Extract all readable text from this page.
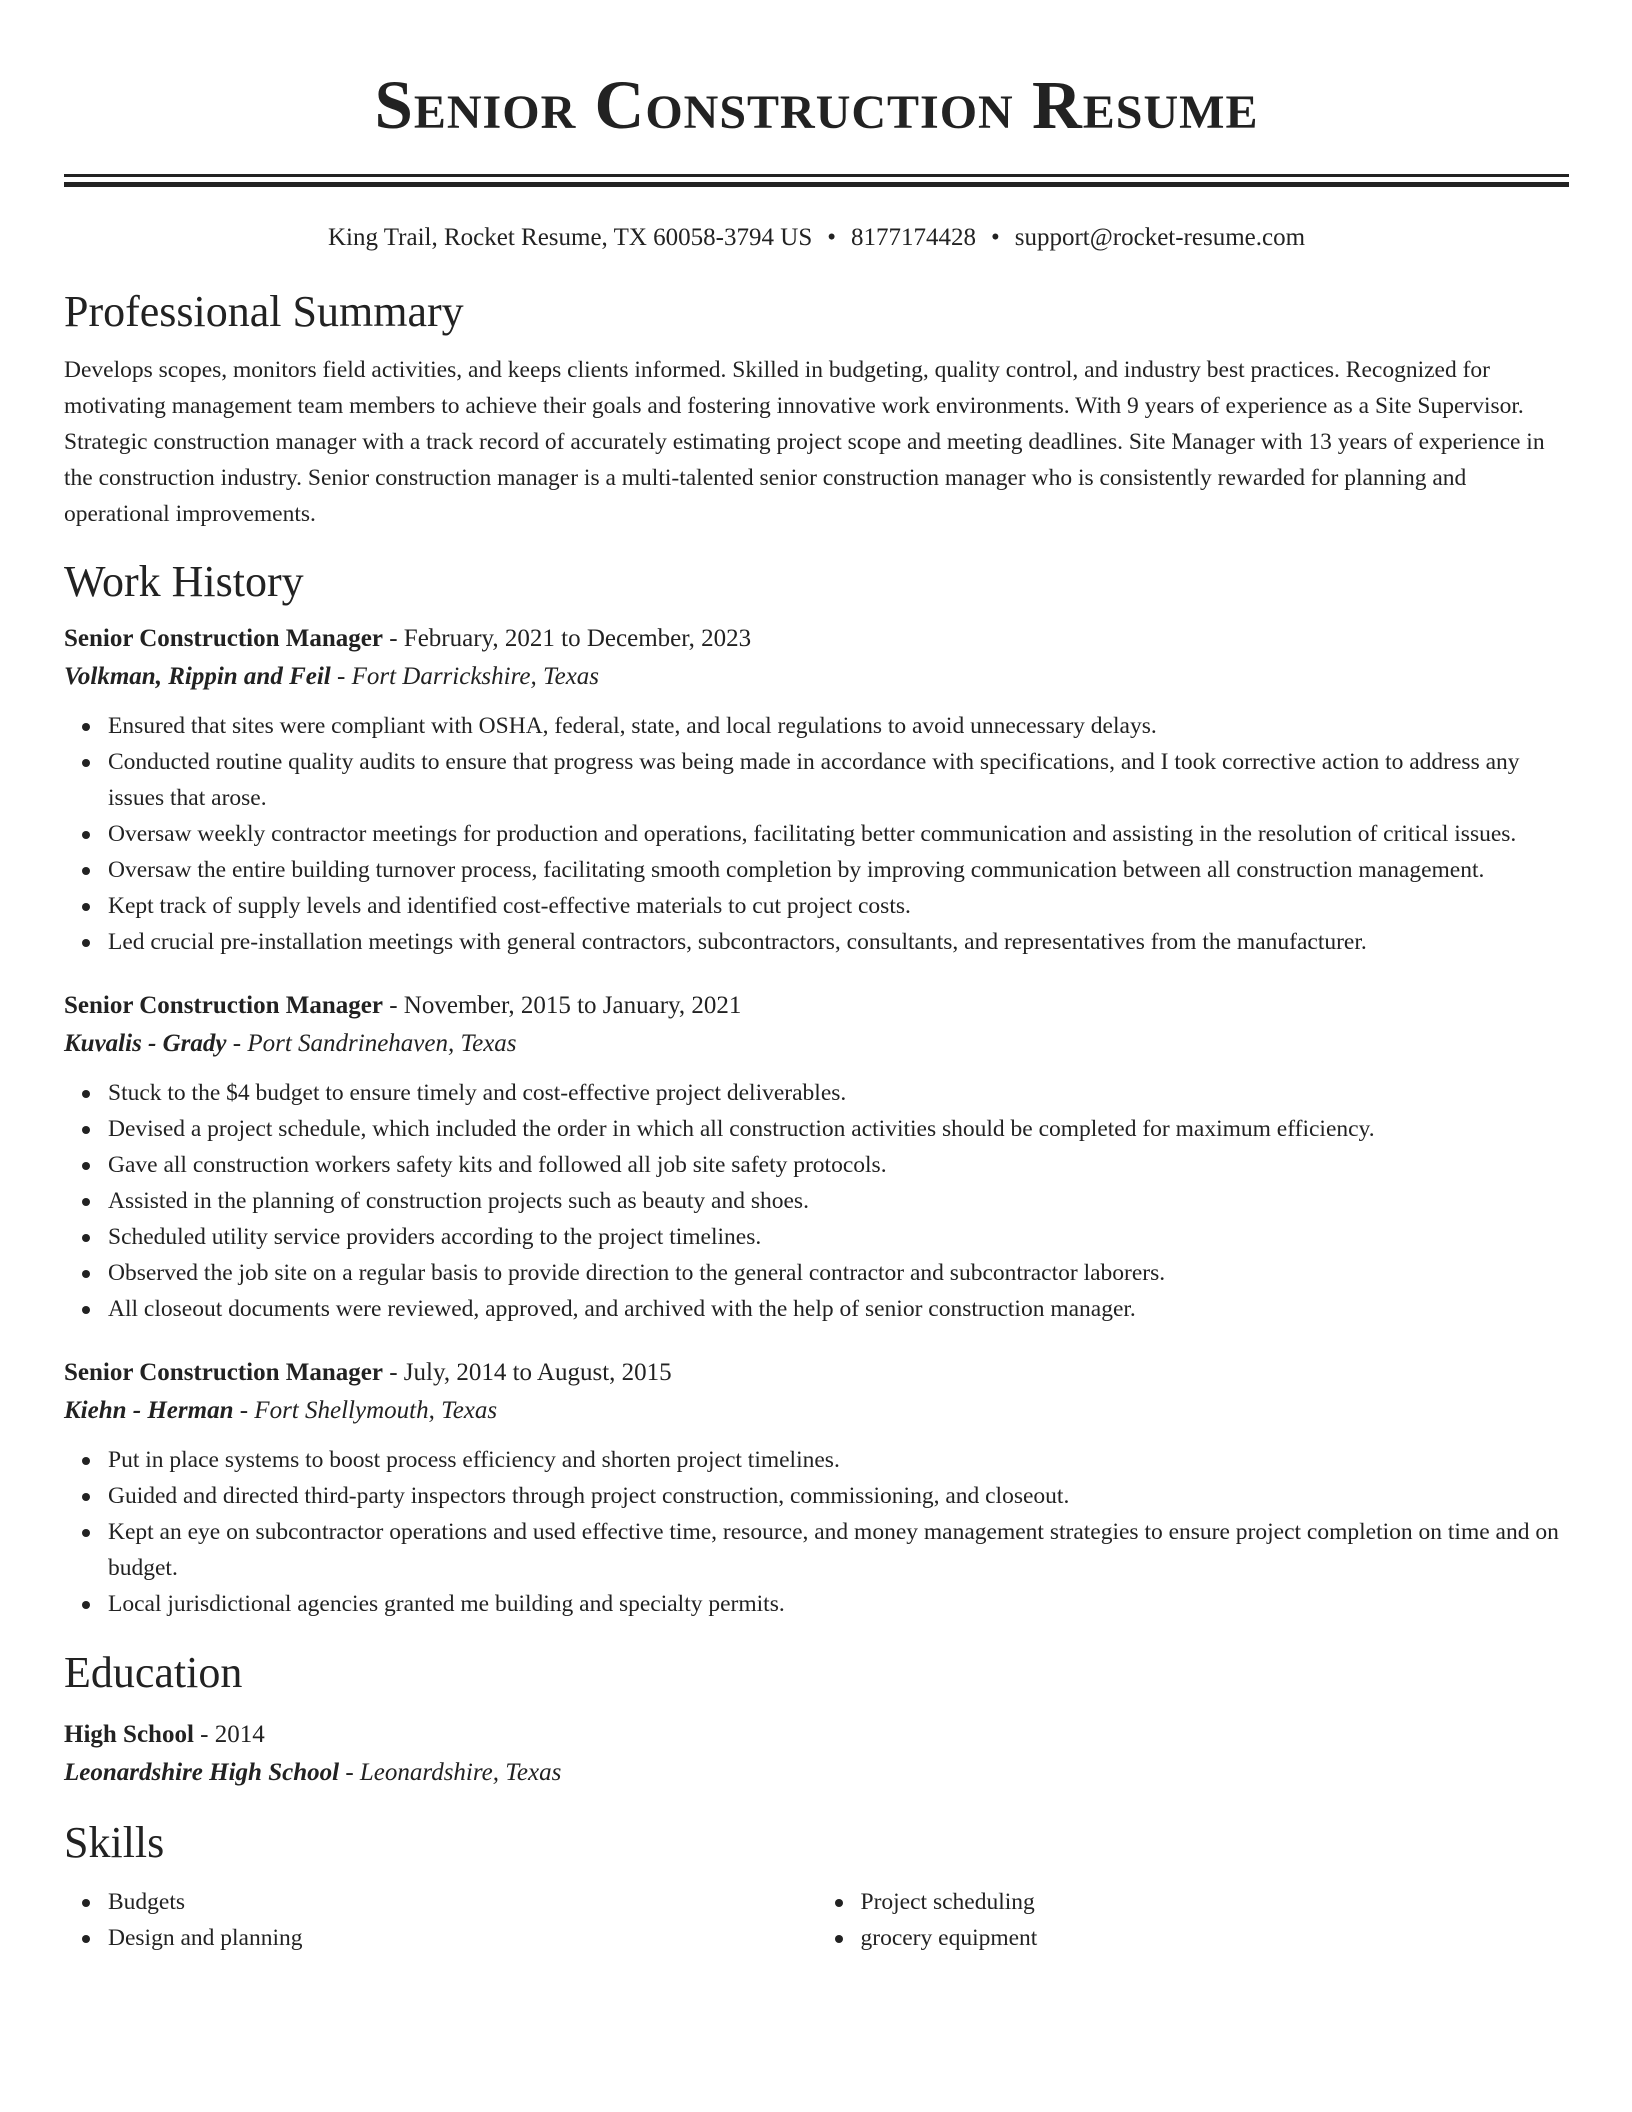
Senior Construction Resume
King Trail, Rocket Resume, TX 60058-3794 US • 8177174428 • support@rocket-resume.com
Professional Summary

Develops scopes, monitors field activities, and keeps clients informed. Skilled in budgeting, quality control, and industry best practices. Recognized for motivating management team members to achieve their goals and fostering innovative work environments. With 9 years of experience as a Site Supervisor. Strategic construction manager with a track record of accurately estimating project scope and meeting deadlines. Site Manager with 13 years of experience in the construction industry. Senior construction manager is a multi-talented senior construction manager who is consistently rewarded for planning and operational improvements.

Work History

Senior Construction Manager - February, 2021 to December, 2023

Volkman, Rippin and Feil - Fort Darrickshire, Texas

Ensured that sites were compliant with OSHA, federal, state, and local regulations to avoid unnecessary delays.
Conducted routine quality audits to ensure that progress was being made in accordance with specifications, and I took corrective action to address any issues that arose.
Oversaw weekly contractor meetings for production and operations, facilitating better communication and assisting in the resolution of critical issues.
Oversaw the entire building turnover process, facilitating smooth completion by improving communication between all construction management.
Kept track of supply levels and identified cost-effective materials to cut project costs.
Led crucial pre-installation meetings with general contractors, subcontractors, consultants, and representatives from the manufacturer.

Senior Construction Manager - November, 2015 to January, 2021

Kuvalis - Grady - Port Sandrinehaven, Texas

Stuck to the $4 budget to ensure timely and cost-effective project deliverables.
Devised a project schedule, which included the order in which all construction activities should be completed for maximum efficiency.
Gave all construction workers safety kits and followed all job site safety protocols.
Assisted in the planning of construction projects such as beauty and shoes.
Scheduled utility service providers according to the project timelines.
Observed the job site on a regular basis to provide direction to the general contractor and subcontractor laborers.
All closeout documents were reviewed, approved, and archived with the help of senior construction manager.

Senior Construction Manager - July, 2014 to August, 2015

Kiehn - Herman - Fort Shellymouth, Texas

Put in place systems to boost process efficiency and shorten project timelines.
Guided and directed third-party inspectors through project construction, commissioning, and closeout.
Kept an eye on subcontractor operations and used effective time, resource, and money management strategies to ensure project completion on time and on budget.
Local jurisdictional agencies granted me building and specialty permits.
Education

High School - 2014

Leonardshire High School - Leonardshire, Texas

Skills
Budgets
Design and planning
Project scheduling
grocery equipment
